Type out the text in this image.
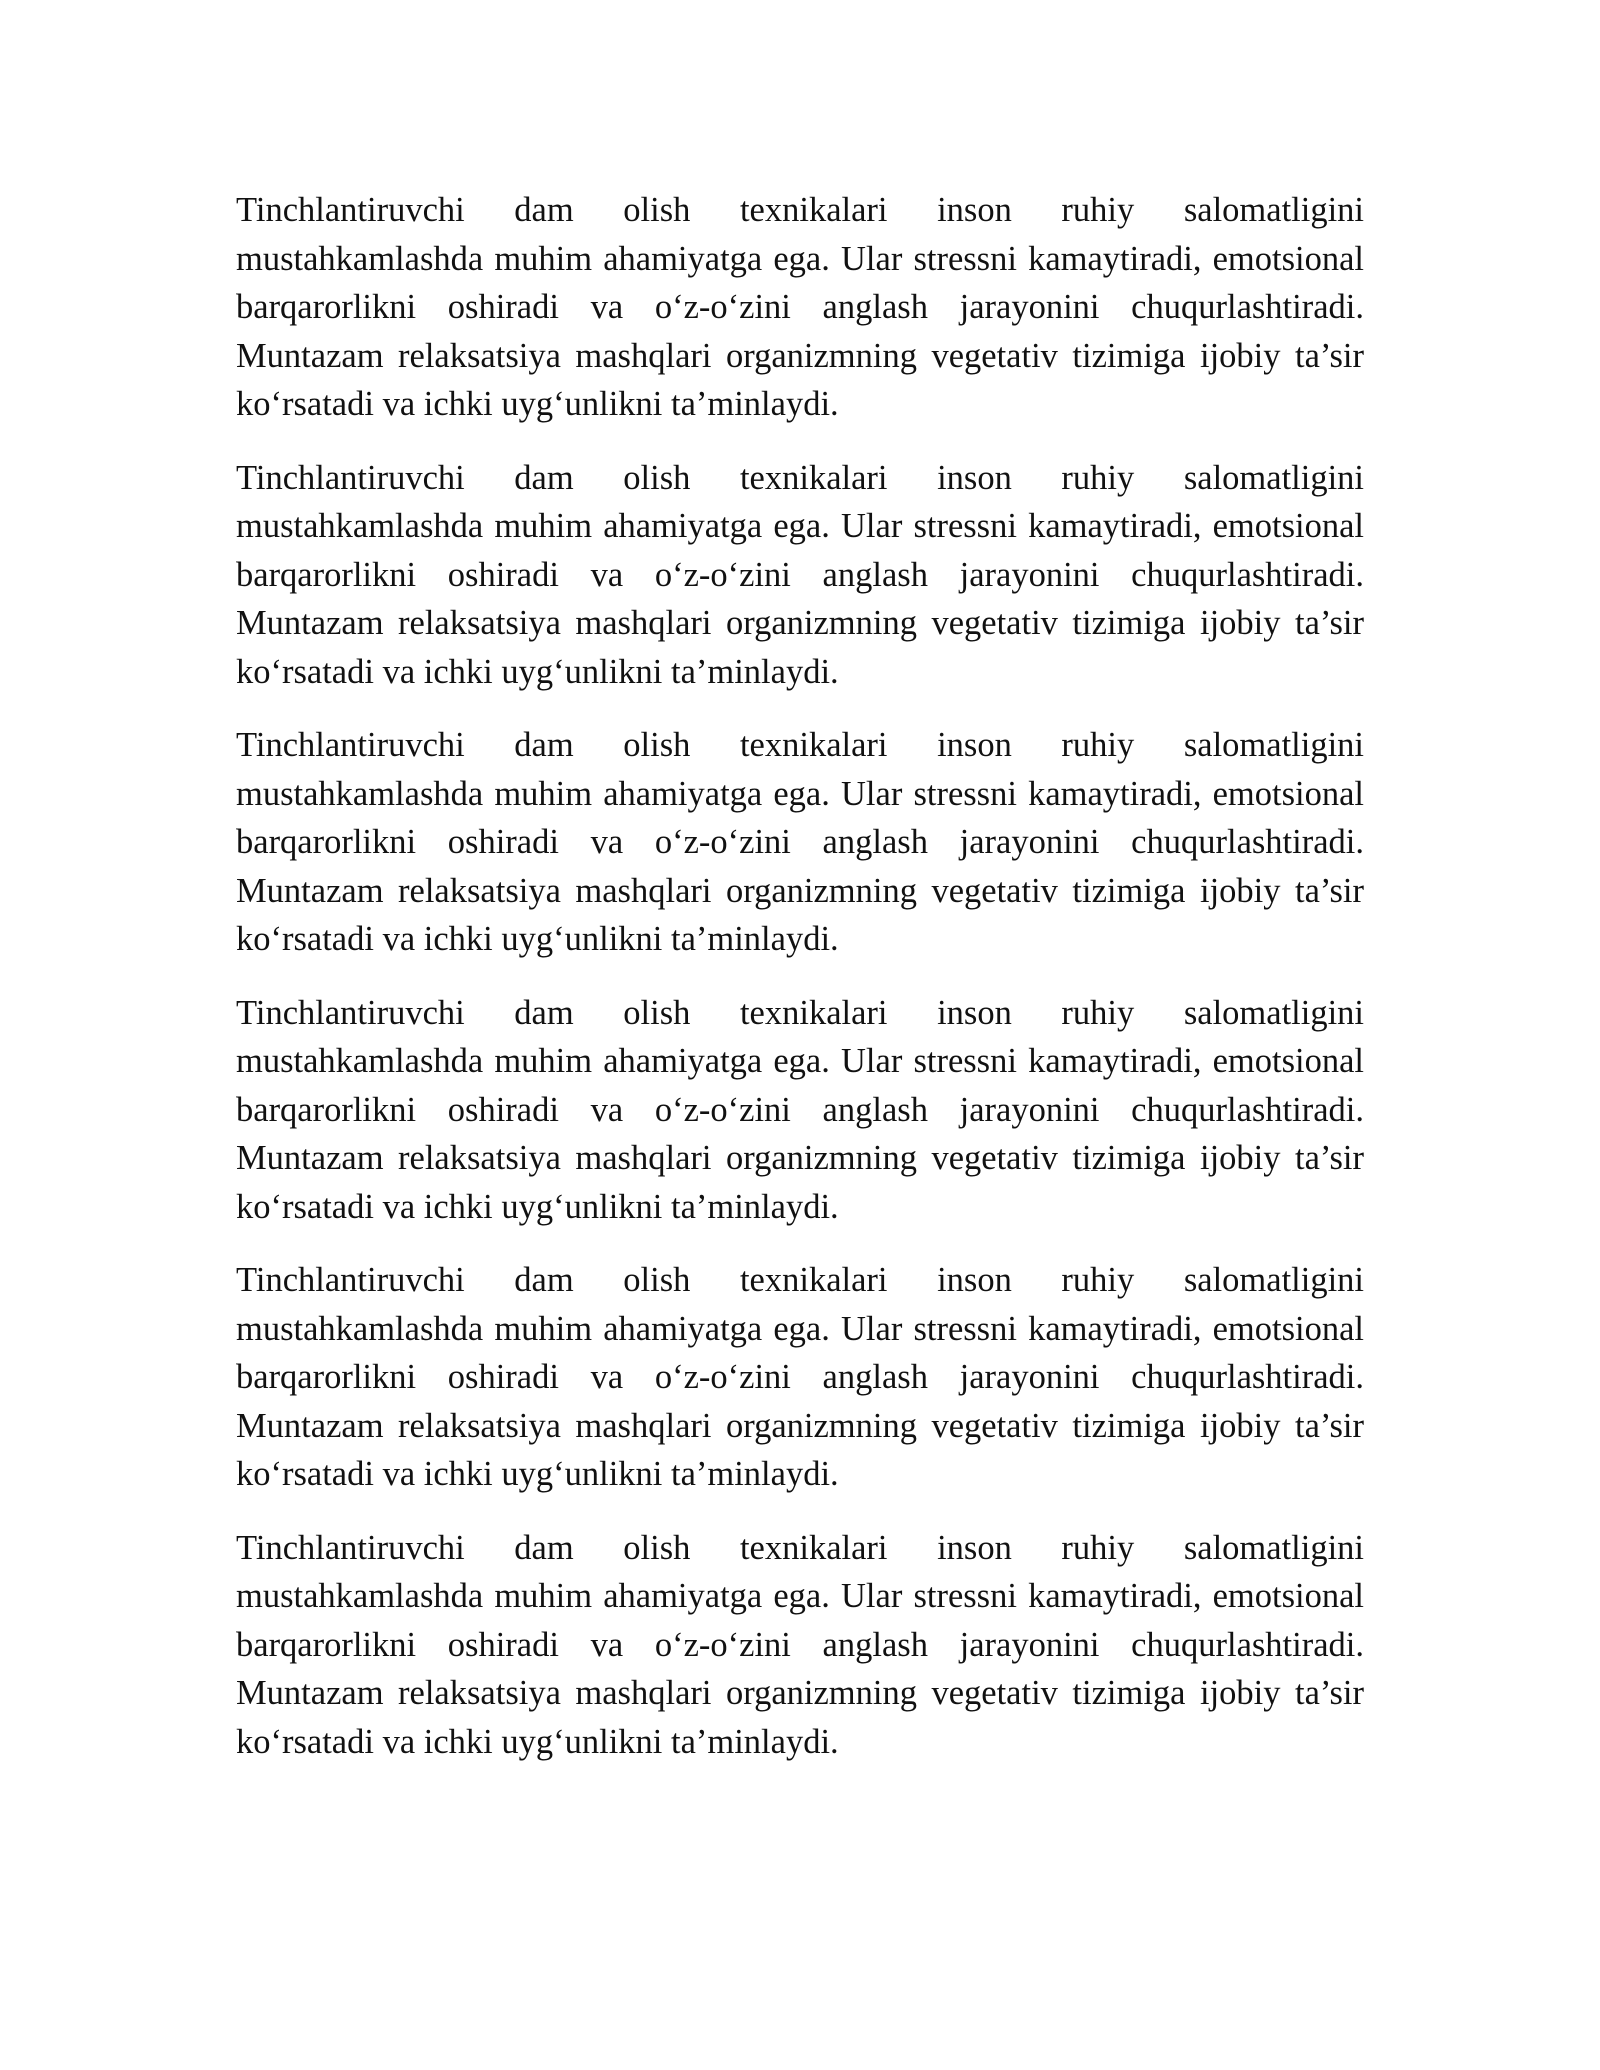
Tinchlantiruvchi dam olish texnikalari inson ruhiy salomatligini mustahkamlashda muhim ahamiyatga ega. Ular stressni kamaytiradi, emotsional barqarorlikni oshiradi va o‘z-o‘zini anglash jarayonini chuqurlashtiradi. Muntazam relaksatsiya mashqlari organizmning vegetativ tizimiga ijobiy ta’sir ko‘rsatadi va ichki uyg‘unlikni ta’minlaydi.

Tinchlantiruvchi dam olish texnikalari inson ruhiy salomatligini mustahkamlashda muhim ahamiyatga ega. Ular stressni kamaytiradi, emotsional barqarorlikni oshiradi va o‘z-o‘zini anglash jarayonini chuqurlashtiradi. Muntazam relaksatsiya mashqlari organizmning vegetativ tizimiga ijobiy ta’sir ko‘rsatadi va ichki uyg‘unlikni ta’minlaydi.

Tinchlantiruvchi dam olish texnikalari inson ruhiy salomatligini mustahkamlashda muhim ahamiyatga ega. Ular stressni kamaytiradi, emotsional barqarorlikni oshiradi va o‘z-o‘zini anglash jarayonini chuqurlashtiradi. Muntazam relaksatsiya mashqlari organizmning vegetativ tizimiga ijobiy ta’sir ko‘rsatadi va ichki uyg‘unlikni ta’minlaydi.

Tinchlantiruvchi dam olish texnikalari inson ruhiy salomatligini mustahkamlashda muhim ahamiyatga ega. Ular stressni kamaytiradi, emotsional barqarorlikni oshiradi va o‘z-o‘zini anglash jarayonini chuqurlashtiradi. Muntazam relaksatsiya mashqlari organizmning vegetativ tizimiga ijobiy ta’sir ko‘rsatadi va ichki uyg‘unlikni ta’minlaydi.

Tinchlantiruvchi dam olish texnikalari inson ruhiy salomatligini mustahkamlashda muhim ahamiyatga ega. Ular stressni kamaytiradi, emotsional barqarorlikni oshiradi va o‘z-o‘zini anglash jarayonini chuqurlashtiradi. Muntazam relaksatsiya mashqlari organizmning vegetativ tizimiga ijobiy ta’sir ko‘rsatadi va ichki uyg‘unlikni ta’minlaydi.

Tinchlantiruvchi dam olish texnikalari inson ruhiy salomatligini mustahkamlashda muhim ahamiyatga ega. Ular stressni kamaytiradi, emotsional barqarorlikni oshiradi va o‘z-o‘zini anglash jarayonini chuqurlashtiradi. Muntazam relaksatsiya mashqlari organizmning vegetativ tizimiga ijobiy ta’sir ko‘rsatadi va ichki uyg‘unlikni ta’minlaydi.
